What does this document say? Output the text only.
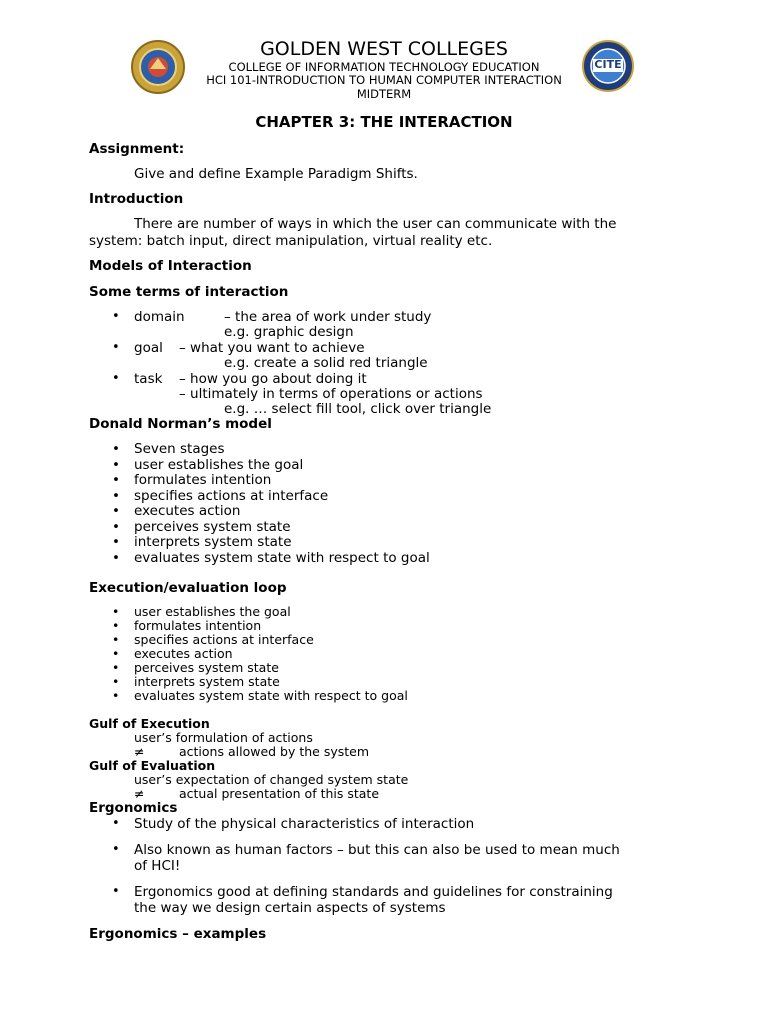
CITE
GOLDEN WEST COLLEGES
COLLEGE OF INFORMATION TECHNOLOGY EDUCATION
HCI 101-INTRODUCTION TO HUMAN COMPUTER INTERACTION
MIDTERM
CHAPTER 3: THE INTERACTION
Assignment:
Give and define Example Paradigm Shifts.
Introduction
There are number of ways in which the user can communicate with the
system: batch input, direct manipulation, virtual reality etc.
Models of Interaction
Some terms of interaction
• domain	– the area of work under study
e.g. graphic design
• goal – what you want to achieve
e.g. create a solid red triangle
• task – how you go about doing it
– ultimately in terms of operations or actions
e.g. … select fill tool, click over triangle
Donald Norman’s model
• Seven stages
• user establishes the goal
• formulates intention
• specifies actions at interface
• executes action
• perceives system state
• interprets system state
• evaluates system state with respect to goal
Execution/evaluation loop
• user establishes the goal
• formulates intention
• specifies actions at interface
• executes action
• perceives system state
• interprets system state
• evaluates system state with respect to goal
Gulf of Execution
user’s formulation of actions
≠	actions allowed by the system
Gulf of Evaluation
user’s expectation of changed system state
≠	actual presentation of this state
Ergonomics
• Study of the physical characteristics of interaction
• Also known as human factors – but this can also be used to mean much
of HCI!
• Ergonomics good at defining standards and guidelines for constraining
the way we design certain aspects of systems
Ergonomics – examples
